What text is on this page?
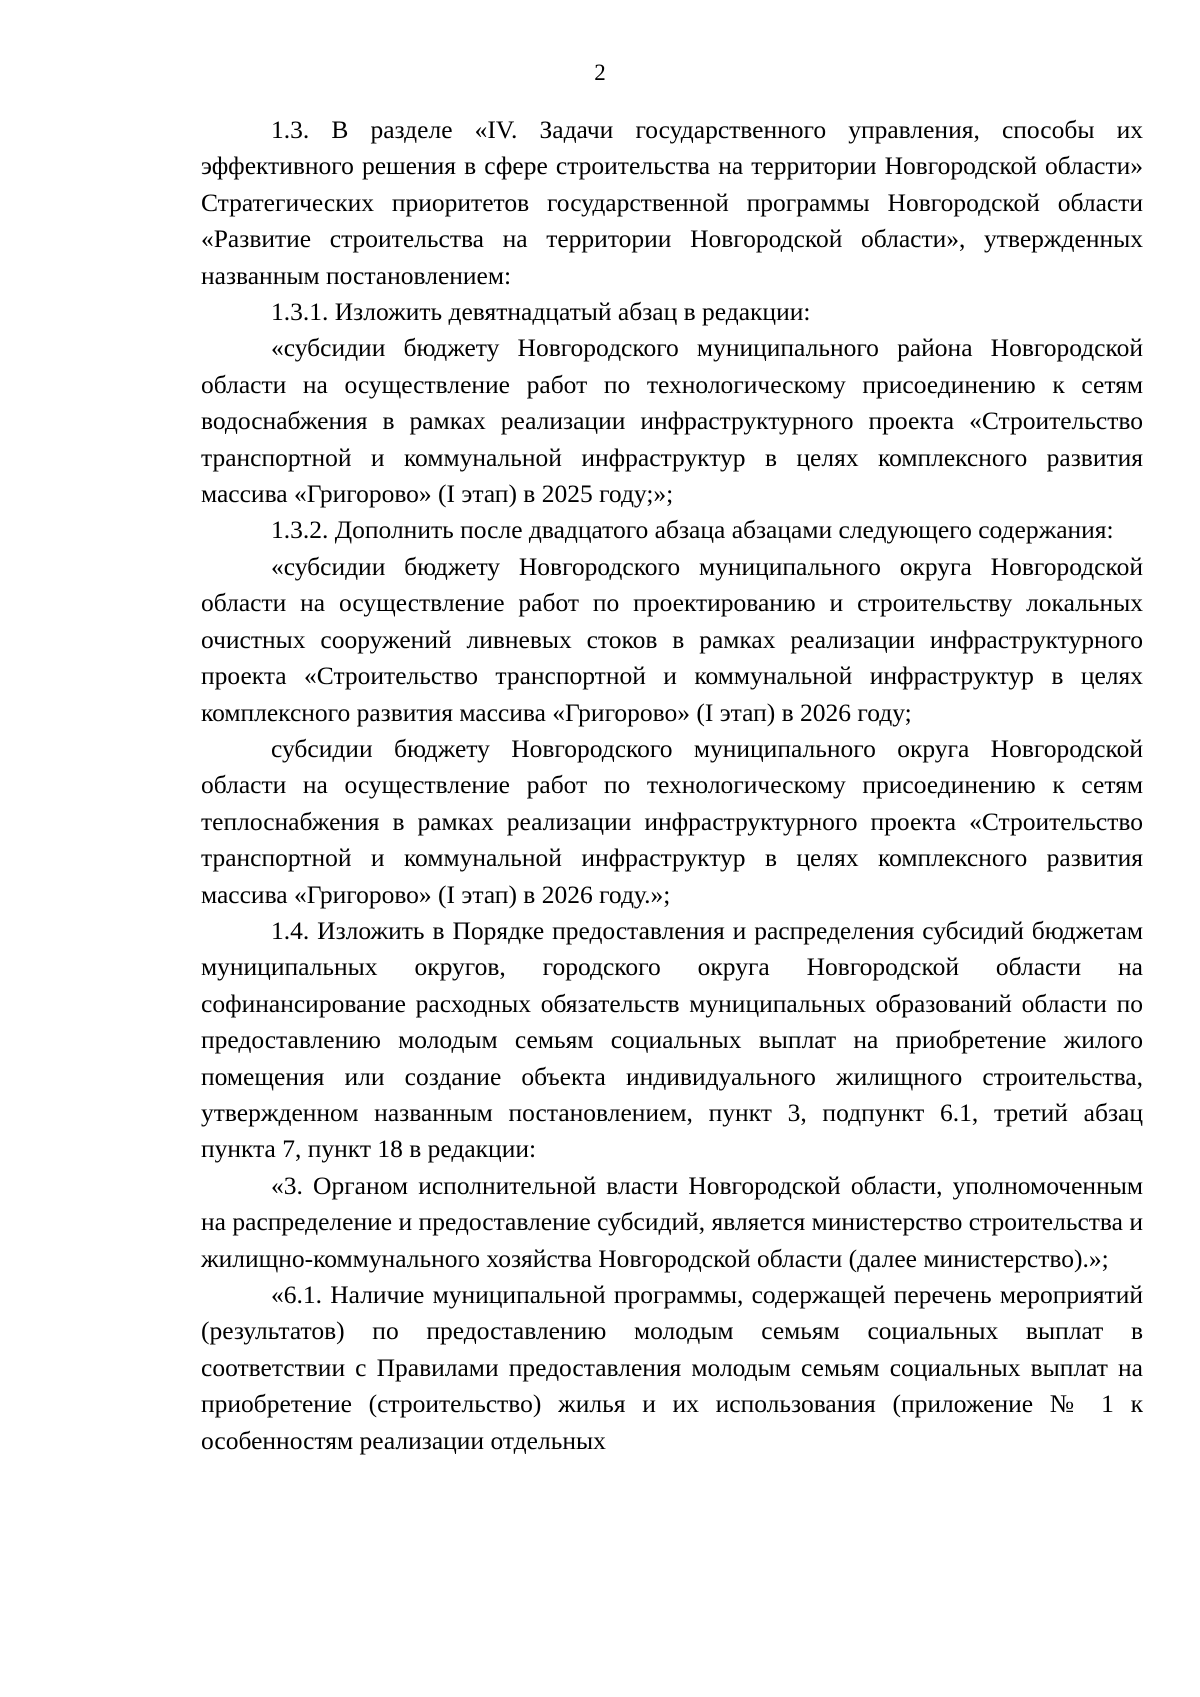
2

1.3. В разделе «IV. Задачи государственного управления, способы их эффективного решения в сфере строительства на территории Новгородской области» Стратегических приоритетов государственной программы Новгородской области «Развитие строительства на территории Новгородской области», утвержденных названным постановлением:

1.3.1. Изложить девятнадцатый абзац в редакции:

«субсидии бюджету Новгородского муниципального района Новгородской области на осуществление работ по технологическому присоединению к сетям водоснабжения в рамках реализации инфраструктурного проекта «Строительство транспортной и коммунальной инфраструктур в целях комплексного развития массива «Григорово» (I этап) в 2025 году;»;

1.3.2. Дополнить после двадцатого абзаца абзацами следующего содержания:

«субсидии бюджету Новгородского муниципального округа Новгородской области на осуществление работ по проектированию и строительству локальных очистных сооружений ливневых стоков в рамках реализации инфраструктурного проекта «Строительство транспортной и коммунальной инфраструктур в целях комплексного развития массива «Григорово» (I этап) в 2026 году;

субсидии бюджету Новгородского муниципального округа Новгородской области на осуществление работ по технологическому присоединению к сетям теплоснабжения в рамках реализации инфраструктурного проекта «Строительство транспортной и коммунальной инфраструктур в целях комплексного развития массива «Григорово» (I этап) в 2026 году.»;

1.4. Изложить в Порядке предоставления и распределения субсидий бюджетам муниципальных округов, городского округа Новгородской области на софинансирование расходных обязательств муниципальных образований области по предоставлению молодым семьям социальных выплат на приобретение жилого помещения или создание объекта индивидуального жилищного строительства, утвержденном названным постановлением, пункт 3, подпункт 6.1, третий абзац пункта 7, пункт 18 в редакции:

«3. Органом исполнительной власти Новгородской области, уполномоченным на распределение и предоставление субсидий, является министерство строительства и жилищно-коммунального хозяйства Новгородской области (далее министерство).»;

«6.1. Наличие муниципальной программы, содержащей перечень мероприятий (результатов) по предоставлению молодым семьям социальных выплат в соответствии с Правилами предоставления молодым семьям социальных выплат на приобретение (строительство) жилья и их использования (приложение № 1 к особенностям реализации отдельных
